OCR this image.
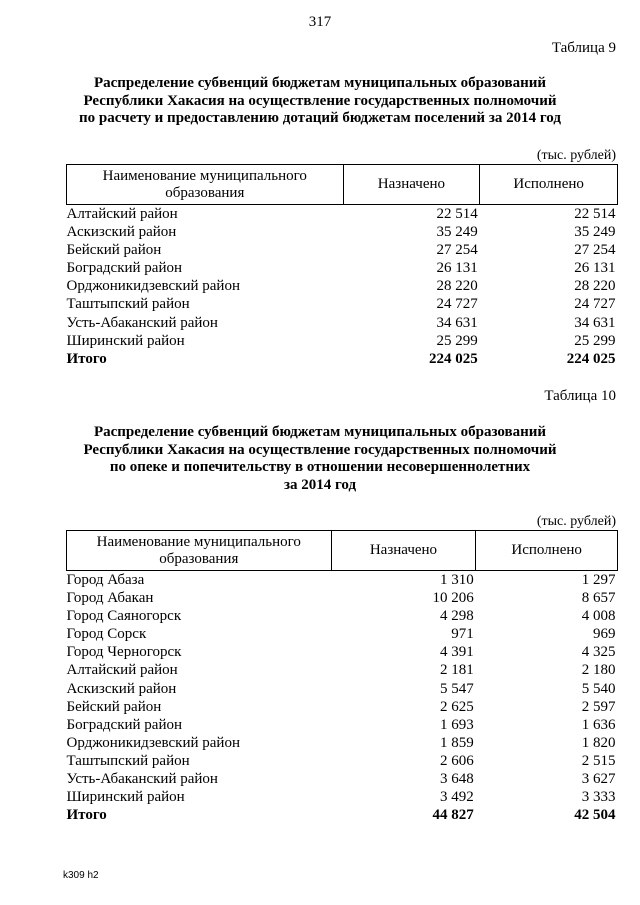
317
Таблица 9
Распределение субвенций бюджетам муниципальных образований
Республики Хакасия на осуществление государственных полномочий
по расчету и предоставлению дотаций бюджетам поселений за 2014 год
(тыс. рублей)
Наименование муниципального образования	Назначено	Исполнено
Алтайский район	22 514	22 514
Аскизский район	35 249	35 249
Бейский район	27 254	27 254
Боградский район	26 131	26 131
Орджоникидзевский район	28 220	28 220
Таштыпский район	24 727	24 727
Усть-Абаканский район	34 631	34 631
Ширинский район	25 299	25 299
Итого	224 025	224 025
Таблица 10
Распределение субвенций бюджетам муниципальных образований
Республики Хакасия на осуществление государственных полномочий
по опеке и попечительству в отношении несовершеннолетних
за 2014 год
(тыс. рублей)
Наименование муниципального образования	Назначено	Исполнено
Город Абаза	1 310	1 297
Город Абакан	10 206	8 657
Город Саяногорск	4 298	4 008
Город Сорск	971	969
Город Черногорск	4 391	4 325
Алтайский район	2 181	2 180
Аскизский район	5 547	5 540
Бейский район	2 625	2 597
Боградский район	1 693	1 636
Орджоникидзевский район	1 859	1 820
Таштыпский район	2 606	2 515
Усть-Абаканский район	3 648	3 627
Ширинский район	3 492	3 333
Итого	44 827	42 504
k309 h2
